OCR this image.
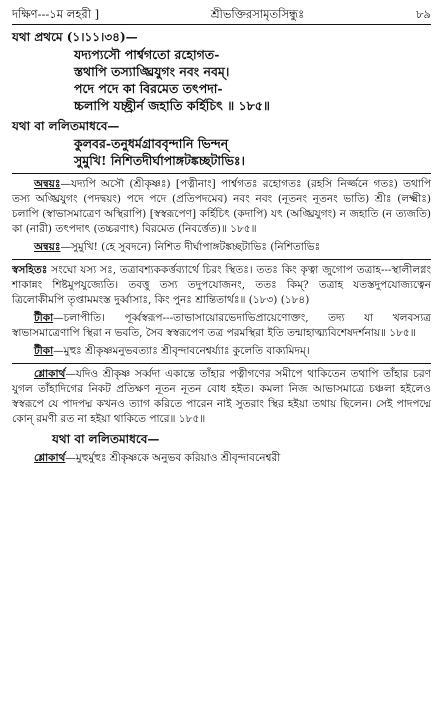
দক্ষিণ---১ম লহরী ]	শ্রীভক্তিরসামৃতসিন্ধুঃ	৮৯
যথা প্রথমে (১।১১।৩৪)—
যদ্যপ্যসৌ পার্শ্বগতো রহোগত-
স্তথাপি তস্যাঙ্ঘ্রিযুগং নবং নবম্।
পদে পদে কা বিরমেত তৎপদা-
চ্চলাপি যচ্ছ্রীর্ন জহাতি কর্হিচিৎ ॥ ১৮৫॥
যথা বা ললিতমাধবে—
কুলবর-তনুধর্মগ্রাববৃন্দানি ভিন্দন্
সুমুখি! নিশিতদীর্ঘাপাঙ্গটঙ্কচ্ছটাভিঃ।

অন্বয়ঃ—যদ্যপি অসৌ (শ্রীকৃষ্ণঃ) [পত্নীনাং] পার্শ্বগতঃ রহোগতঃ (রহসি নির্জ্জনে গতঃ) তথাপি তস্য অঙ্ঘ্রিযুগং (পদদ্বয়ং) পদে পদে (প্রতিপদমেব) নবং নবং (নূতনং নূতনং ভাতি) শ্রীঃ (লক্ষ্মীঃ) চলাপি (স্বাভাসমাত্রেণ অস্থিরাপি) [স্বস্বরূপেণ] কর্হিচিৎ (কদাপি) যৎ (অঙ্ঘ্রিযুগং) ন জহাতি (ন ত্যজতি) কা (নারী) তৎপদাৎ (তচ্চরণাৎ) বিরমেত (নিবর্ত্তেত)॥ ১৮৫॥

অন্বয়ঃ—সুমুখি! (হে সুবদনে) নিশিত দীর্ঘাপাঙ্গটঙ্কচ্ছটাভিঃ (নিশিতাভিঃ

স্বসহিতঃ সংঘো যস্য সঃ, তত্রাবশ্যককর্ত্তব্যার্থে চিরং স্থিতঃ। ততঃ কিং কৃত্বা জুগোপ তত্রাহ---স্থালীলগ্নং শাকান্নং শিষ্টমুপযুজ্যেতি। তবত্তু তস্য তদুপযোজনং, ততঃ কিম্? তত্রাহ যতস্তদুপযোজ্যত্বেন ত্রিলোকীমপি তৃপ্তামমংস্ত দুর্ব্বাসাঃ, কিং পুনঃ শ্রান্তিতার্থঃ॥ (১৮৩) (১৮৪)

টীকা—চলাপীতি। পূর্ব্বস্বরূপ---তাভাসায়োরভেদাভিপ্রায়েণোক্তং, তদ্য যা খলবস্যত্র স্বাভাসমাত্রেণাপি স্থিরা ন ভবতি, সৈব স্বস্বরূপেণ তত্র পরমস্থিরা ইতি তন্মাহাত্ম্যবিশেষদর্শনায়॥ ১৮৫॥

টীকা—মুহুঃ শ্রীকৃষ্ণমনুভবত্যাঃ শ্রীবৃন্দাবনেশ্বর্য্যাঃ কুলেতি বাক্যমিদম্।

শ্লোকার্থ—যদিও শ্রীকৃষ্ণ সর্ব্বদা একান্তে তাঁহার পত্নীগণের সমীপে থাকিতেন তথাপি তাঁহার চরণ যুগল তাঁহাদিগের নিকট প্রতিক্ষণ নূতন নূতন বোধ হইত। কমলা নিজ আভাসমাত্রে চঞ্চলা হইলেও স্বস্বরূপে যে পাদপদ্ম কখনও ত্যাগ করিতে পারেন নাই সুতরাং স্থির হইয়া তথায় ছিলেন। সেই পাদপদ্মে কোন্ রমণী রত না হইয়া থাকিতে পারে॥ ১৮৫॥

যথা বা ললিতমাধবে—

শ্লোকার্থ—মুহুর্মুহুঃ শ্রীকৃষ্ণকে অনুভব করিয়াও শ্রীবৃন্দাবনেশ্বরী
